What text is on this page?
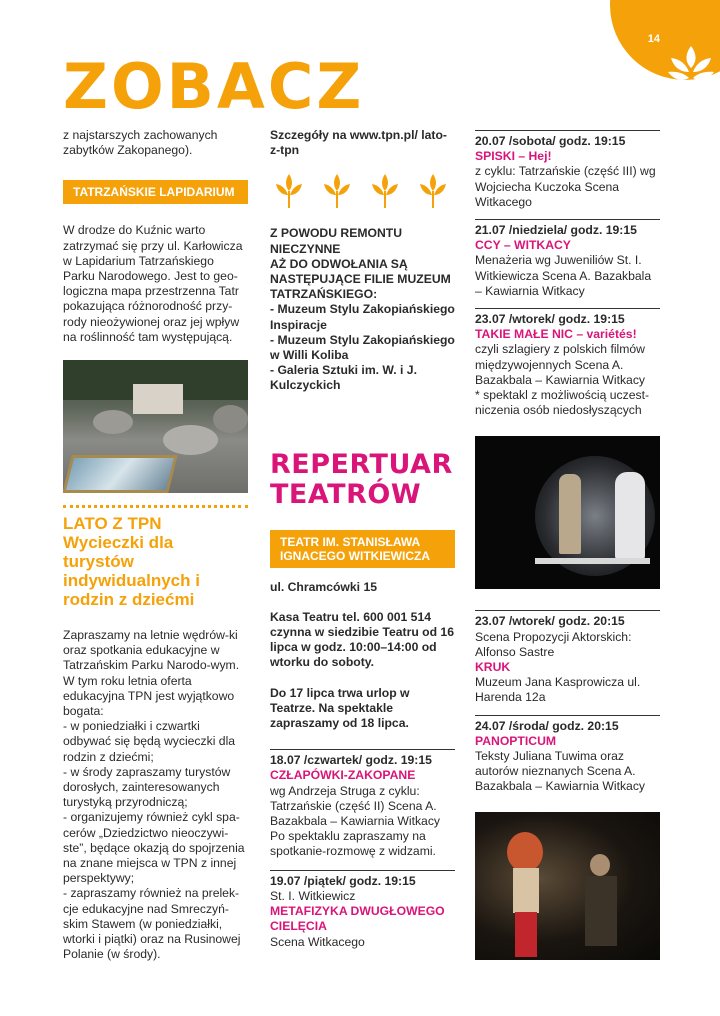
14
ZOBACZ

z najstarszych zachowanych zabytków Zakopanego).

TATRZAŃSKIE LAPIDARIUM

W drodze do Kuźnic warto zatrzymać się przy ul. Karłowicza w Lapidarium Tatrzańskiego Parku Narodowego. Jest to geo-logiczna mapa przestrzenna Tatr pokazująca różnorodność przy-rody nieożywionej oraz jej wpływ na roślinność tam występującą.

LATO Z TPN
Wycieczki dla turystów indywidualnych i rodzin z dziećmi

Zapraszamy na letnie wędrów-ki oraz spotkania edukacyjne w Tatrzańskim Parku Narodo-wym. W tym roku letnia oferta edukacyjna TPN jest wyjątkowo bogata:

- w poniedziałki i czwartki odbywać się będą wycieczki dla rodzin z dziećmi;

- w środy zapraszamy turystów dorosłych, zainteresowanych turystyką przyrodniczą;

- organizujemy również cykl spa-cerów „Dziedzictwo nieoczywi-ste”, będące okazją do spojrzenia na znane miejsca w TPN z innej perspektywy;

- zapraszamy również na prelek-cje edukacyjne nad Smreczyń-skim Stawem (w poniedziałki, wtorki i piątki) oraz na Rusinowej Polanie (w środy).

Szczegóły na www.tpn.pl/ lato-z-tpn

Z POWODU REMONTU NIECZYNNE

AŻ DO ODWOŁANIA SĄ NASTĘPUJĄCE FILIE MUZEUM TATRZAŃSKIEGO:

- Muzeum Stylu Zakopiańskiego Inspiracje

- Muzeum Stylu Zakopiańskiego w Willi Koliba

- Galeria Sztuki im. W. i J. Kulczyckich

REPERTUAR TEATRÓW
TEATR IM. STANISŁAWA IGNACEGO WITKIEWICZA

ul. Chramcówki 15

Kasa Teatru tel. 600 001 514 czynna w siedzibie Teatru od 16 lipca w godz. 10:00–14:00 od wtorku do soboty.

Do 17 lipca trwa urlop w Teatrze. Na spektakle zapraszamy od 18 lipca.

18.07 /czwartek/ godz. 19:15

CZŁAPÓWKI-ZAKOPANE

wg Andrzeja Struga z cyklu: Tatrzańskie (część II) Scena A. Bazakbala – Kawiarnia Witkacy Po spektaklu zapraszamy na spotkanie-rozmowę z widzami.

19.07 /piątek/ godz. 19:15

St. I. Witkiewicz

METAFIZYKA DWUGŁOWEGO CIELĘCIA

Scena Witkacego

20.07 /sobota/ godz. 19:15

SPISKI – Hej!

z cyklu: Tatrzańskie (część III) wg Wojciecha Kuczoka Scena Witkacego

21.07 /niedziela/ godz. 19:15

CCY – WITKACY

Menażeria wg Juweniliów St. I. Witkiewicza Scena A. Bazakbala – Kawiarnia Witkacy

23.07 /wtorek/ godz. 19:15

TAKIE MAŁE NIC – variétés!

czyli szlagiery z polskich filmów międzywojennych Scena A. Bazakbala – Kawiarnia Witkacy

* spektakl z możliwością uczest-niczenia osób niedosłyszących

23.07 /wtorek/ godz. 20:15

Scena Propozycji Aktorskich: Alfonso Sastre

KRUK

Muzeum Jana Kasprowicza ul. Harenda 12a

24.07 /środa/ godz. 20:15

PANOPTICUM

Teksty Juliana Tuwima oraz autorów nieznanych Scena A. Bazakbala – Kawiarnia Witkacy
